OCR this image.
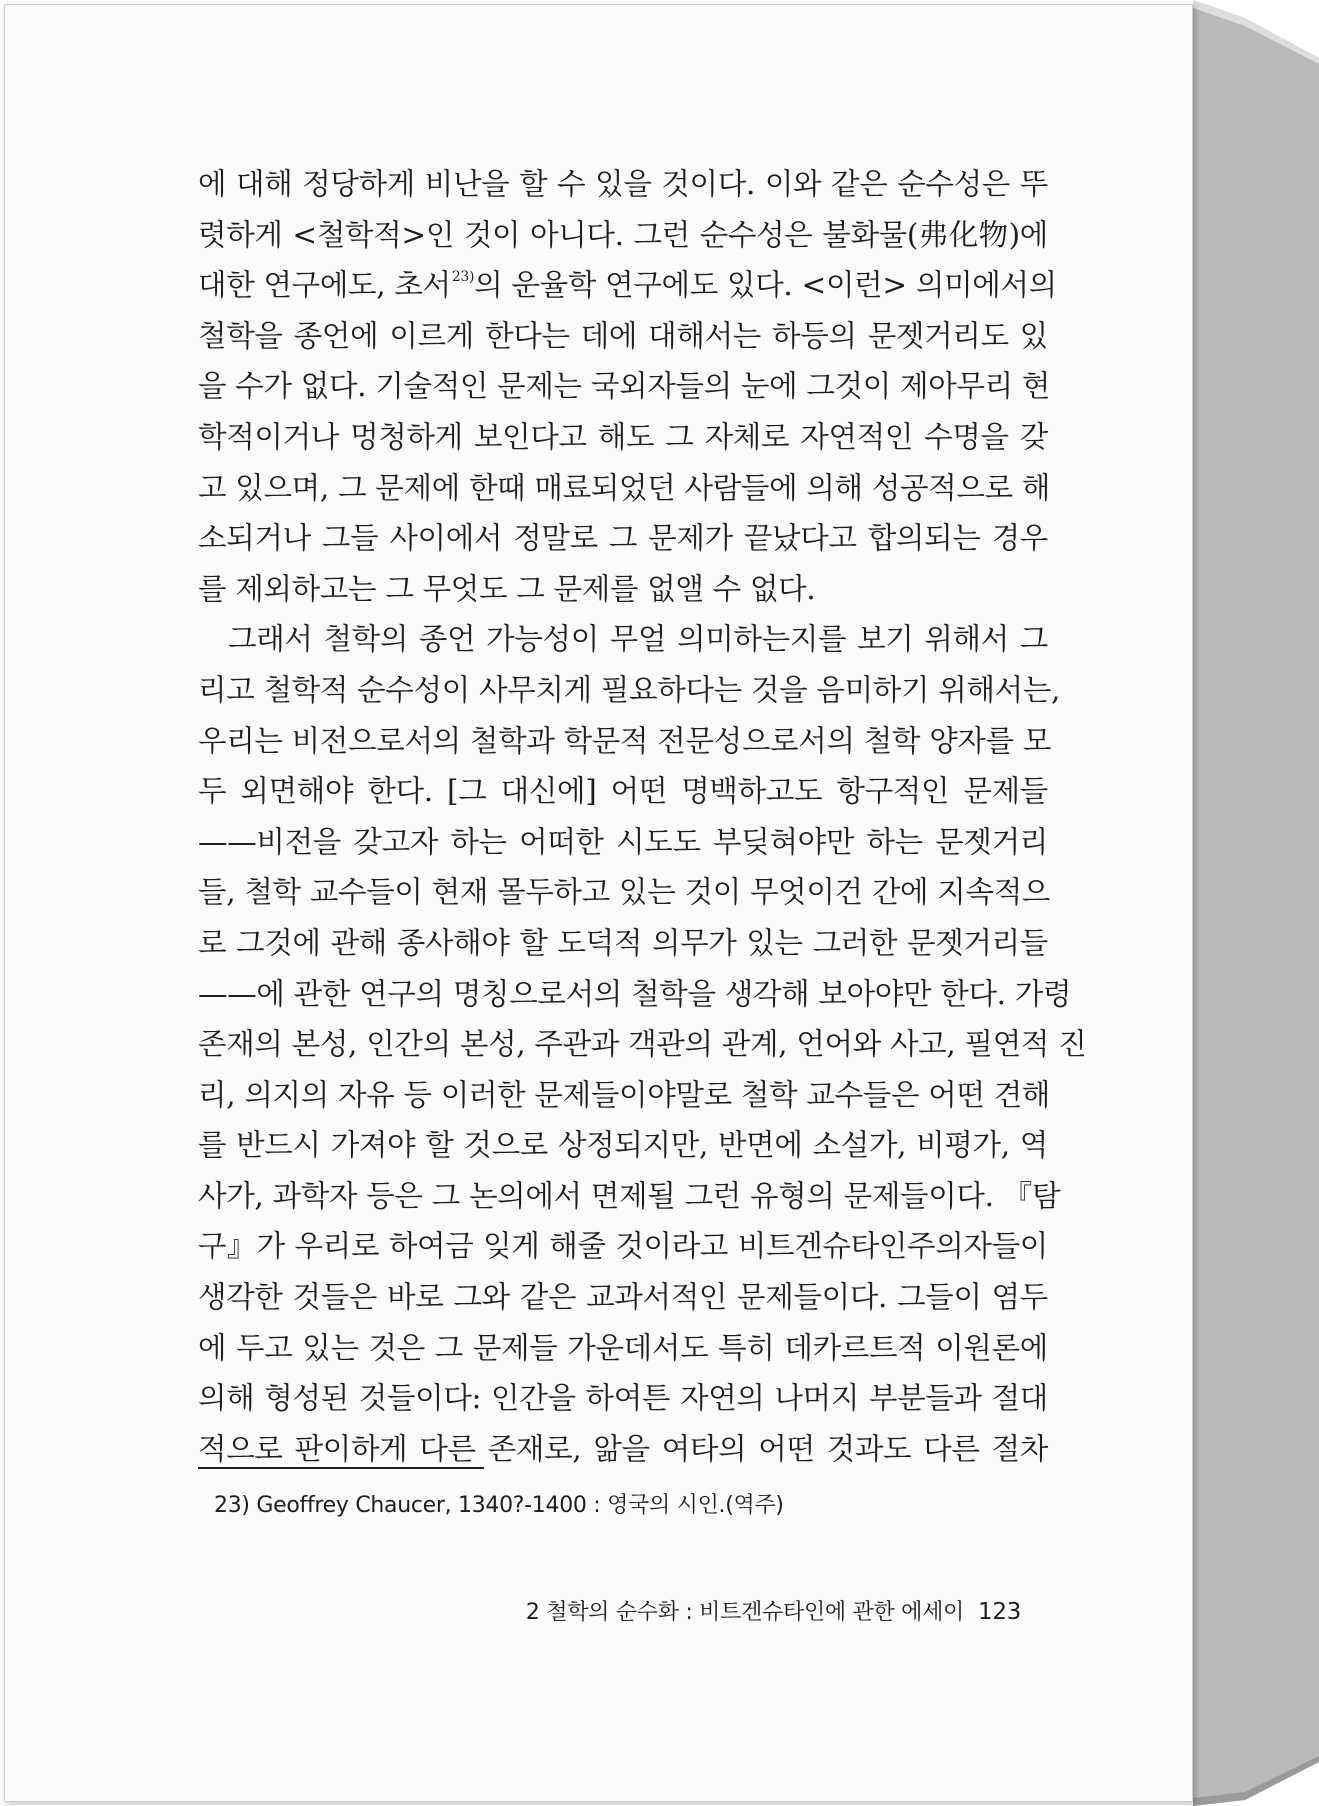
에 대해 정당하게 비난을 할 수 있을 것이다. 이와 같은 순수성은 뚜
렷하게 <철학적>인 것이 아니다. 그런 순수성은 불화물(弗化物)에
대한 연구에도, 초서$^{23)}$의 운율학 연구에도 있다. <이런> 의미에서의
철학을 종언에 이르게 한다는 데에 대해서는 하등의 문젯거리도 있
을 수가 없다. 기술적인 문제는 국외자들의 눈에 그것이 제아무리 현
학적이거나 멍청하게 보인다고 해도 그 자체로 자연적인 수명을 갖
고 있으며, 그 문제에 한때 매료되었던 사람들에 의해 성공적으로 해
소되거나 그들 사이에서 정말로 그 문제가 끝났다고 합의되는 경우
를 제외하고는 그 무엇도 그 문제를 없앨 수 없다.
그래서 철학의 종언 가능성이 무얼 의미하는지를 보기 위해서 그
리고 철학적 순수성이 사무치게 필요하다는 것을 음미하기 위해서는,
우리는 비전으로서의 철학과 학문적 전문성으로서의 철학 양자를 모
두 외면해야 한다. [그 대신에] 어떤 명백하고도 항구적인 문제들
——비전을 갖고자 하는 어떠한 시도도 부딪혀야만 하는 문젯거리
들, 철학 교수들이 현재 몰두하고 있는 것이 무엇이건 간에 지속적으
로 그것에 관해 종사해야 할 도덕적 의무가 있는 그러한 문젯거리들
——에 관한 연구의 명칭으로서의 철학을 생각해 보아야만 한다. 가령
존재의 본성, 인간의 본성, 주관과 객관의 관계, 언어와 사고, 필연적 진
리, 의지의 자유 등 이러한 문제들이야말로 철학 교수들은 어떤 견해
를 반드시 가져야 할 것으로 상정되지만, 반면에 소설가, 비평가, 역
사가, 과학자 등은 그 논의에서 면제될 그런 유형의 문제들이다. 『탐
구』가 우리로 하여금 잊게 해줄 것이라고 비트겐슈타인주의자들이
생각한 것들은 바로 그와 같은 교과서적인 문제들이다. 그들이 염두
에 두고 있는 것은 그 문제들 가운데서도 특히 데카르트적 이원론에
의해 형성된 것들이다: 인간을 하여튼 자연의 나머지 부분들과 절대
적으로 판이하게 다른 존재로, 앎을 여타의 어떤 것과도 다른 절차
23) Geoffrey Chaucer, 1340?-1400 : 영국의 시인.(역주)
2 철학의 순수화 : 비트겐슈타인에 관한 에세이 123
